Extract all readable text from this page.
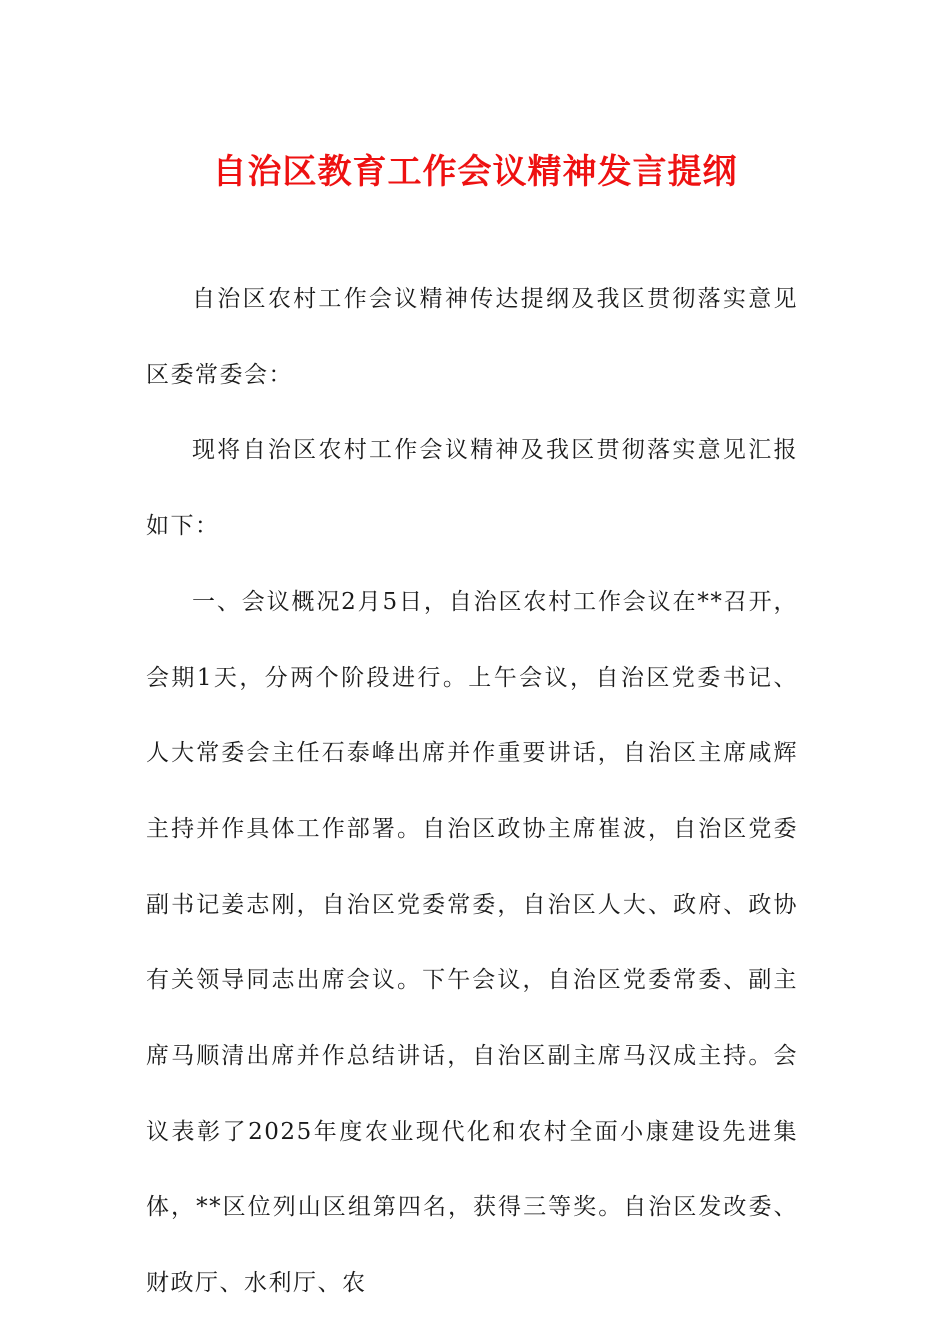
自治区教育工作会议精神发言提纲

自治区农村工作会议精神传达提纲及我区贯彻落实意见区委常委会：

现将自治区农村工作会议精神及我区贯彻落实意见汇报如下：

一、会议概况2月5日，自治区农村工作会议在**召开，会期1天，分两个阶段进行。上午会议，自治区党委书记、人大常委会主任石泰峰出席并作重要讲话，自治区主席咸辉主持并作具体工作部署。自治区政协主席崔波，自治区党委副书记姜志刚，自治区党委常委，自治区人大、政府、政协有关领导同志出席会议。下午会议，自治区党委常委、副主席马顺清出席并作总结讲话，自治区副主席马汉成主持。会议表彰了2025年度农业现代化和农村全面小康建设先进集体，**区位列山区组第四名，获得三等奖。自治区发改委、财政厅、水利厅、农
